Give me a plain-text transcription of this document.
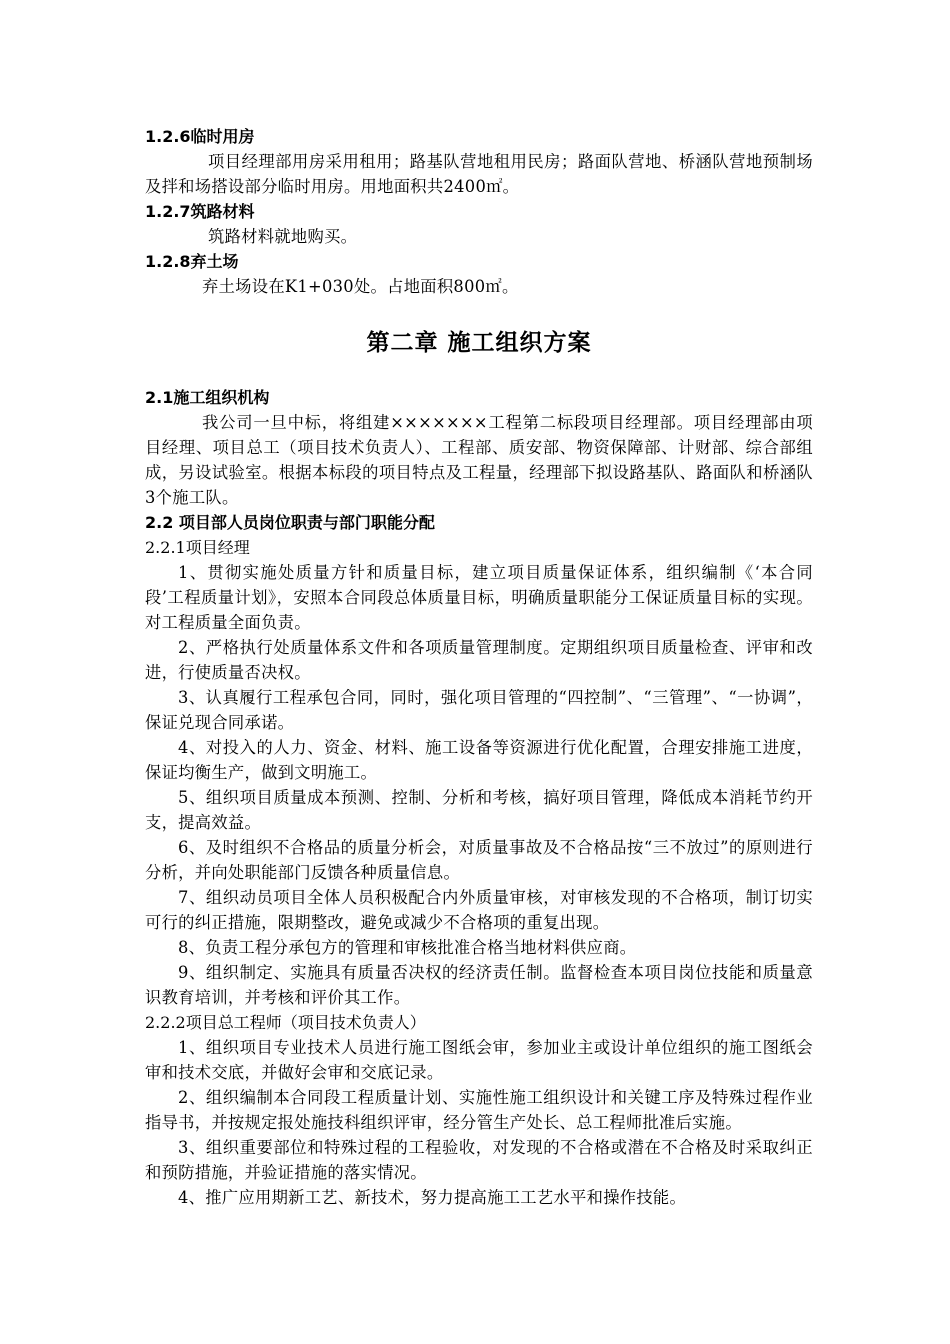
1.2.6临时用房
项目经理部用房采用租用；路基队营地租用民房；路面队营地、桥涵队营地预制场及拌和场搭设部分临时用房。用地面积共2400㎡。
1.2.7筑路材料
筑路材料就地购买。
1.2.8弃土场
弃土场设在K1+030处。占地面积800㎡。
第二章 施工组织方案
2.1施工组织机构
我公司一旦中标，将组建×××××××工程第二标段项目经理部。项目经理部由项目经理、项目总工（项目技术负责人）、工程部、质安部、物资保障部、计财部、综合部组成，另设试验室。根据本标段的项目特点及工程量，经理部下拟设路基队、路面队和桥涵队3个施工队。
2.2 项目部人员岗位职责与部门职能分配
2.2.1项目经理
1、贯彻实施处质量方针和质量目标，建立项目质量保证体系，组织编制《‘本合同段’工程质量计划》，安照本合同段总体质量目标，明确质量职能分工保证质量目标的实现。对工程质量全面负责。
2、严格执行处质量体系文件和各项质量管理制度。定期组织项目质量检查、评审和改进，行使质量否决权。
3、认真履行工程承包合同，同时，强化项目管理的“四控制”、“三管理”、“一协调”，保证兑现合同承诺。
4、对投入的人力、资金、材料、施工设备等资源进行优化配置，合理安排施工进度，保证均衡生产，做到文明施工。
5、组织项目质量成本预测、控制、分析和考核，搞好项目管理，降低成本消耗节约开支，提高效益。
6、及时组织不合格品的质量分析会，对质量事故及不合格品按“三不放过”的原则进行分析，并向处职能部门反馈各种质量信息。
7、组织动员项目全体人员积极配合内外质量审核，对审核发现的不合格项，制订切实可行的纠正措施，限期整改，避免或减少不合格项的重复出现。
8、负责工程分承包方的管理和审核批准合格当地材料供应商。
9、组织制定、实施具有质量否决权的经济责任制。监督检查本项目岗位技能和质量意识教育培训，并考核和评价其工作。
2.2.2项目总工程师（项目技术负责人）
1、组织项目专业技术人员进行施工图纸会审，参加业主或设计单位组织的施工图纸会审和技术交底，并做好会审和交底记录。
2、组织编制本合同段工程质量计划、实施性施工组织设计和关键工序及特殊过程作业指导书，并按规定报处施技科组织评审，经分管生产处长、总工程师批准后实施。
3、组织重要部位和特殊过程的工程验收，对发现的不合格或潜在不合格及时采取纠正和预防措施，并验证措施的落实情况。
4、推广应用期新工艺、新技术，努力提高施工工艺水平和操作技能。
